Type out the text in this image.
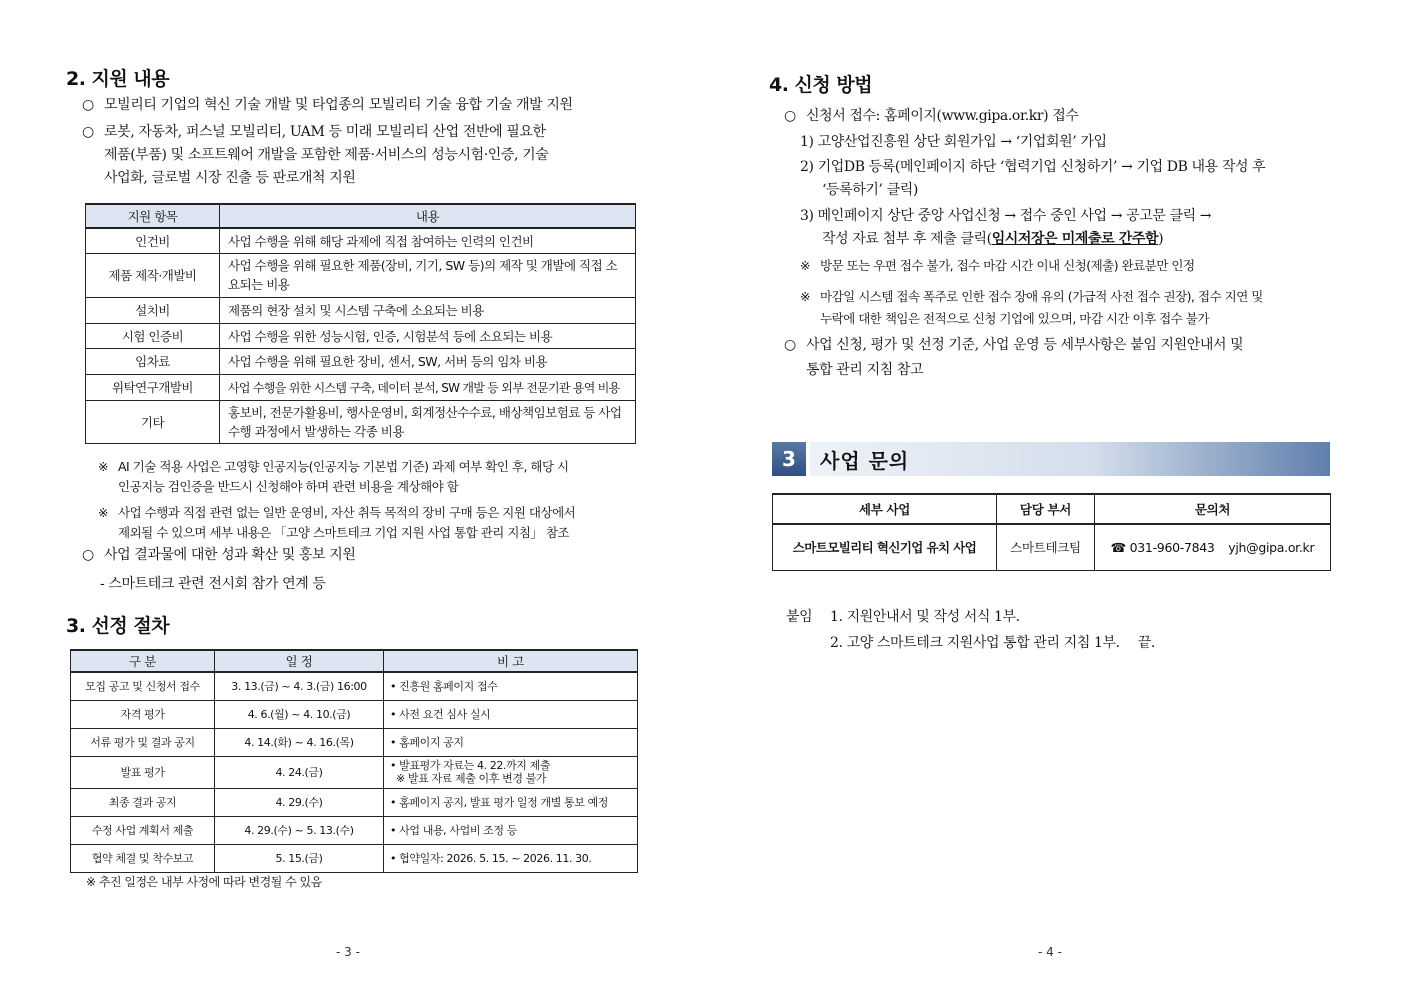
2. 지원 내용
○ 모빌리티 기업의 혁신 기술 개발 및 타업종의 모빌리티 기술 융합 기술 개발 지원
○ 로봇, 자동차, 퍼스널 모빌리티, UAM 등 미래 모빌리티 산업 전반에 필요한
제품(부품) 및 소프트웨어 개발을 포함한 제품·서비스의 성능시험·인증, 기술
사업화, 글로벌 시장 진출 등 판로개척 지원
지원 항목	내용
인건비	사업 수행을 위해 해당 과제에 직접 참여하는 인력의 인건비
제품 제작·개발비	사업 수행을 위해 필요한 제품(장비, 기기, SW 등)의 제작 및 개발에 직접 소요되는 비용
설치비	제품의 현장 설치 및 시스템 구축에 소요되는 비용
시험 인증비	사업 수행을 위한 성능시험, 인증, 시험분석 등에 소요되는 비용
임차료	사업 수행을 위해 필요한 장비, 센서, SW, 서버 등의 임차 비용
위탁연구개발비	사업 수행을 위한 시스템 구축, 데이터 분석, SW 개발 등 외부 전문기관 용역 비용
기타	홍보비, 전문가활용비, 행사운영비, 회계정산수수료, 배상책임보험료 등 사업 수행 과정에서 발생하는 각종 비용
※ AI 기술 적용 사업은 고영향 인공지능(인공지능 기본법 기준) 과제 여부 확인 후, 해당 시
인공지능 검인증을 반드시 신청해야 하며 관련 비용을 계상해야 함
※ 사업 수행과 직접 관련 없는 일반 운영비, 자산 취득 목적의 장비 구매 등은 지원 대상에서
제외될 수 있으며 세부 내용은 「고양 스마트테크 기업 지원 사업 통합 관리 지침」 참조
○ 사업 결과물에 대한 성과 확산 및 홍보 지원
- 스마트테크 관련 전시회 참가 연계 등
3. 선정 절차
구 분	일 정	비 고
모집 공고 및 신청서 접수	3. 13.(금) ~ 4. 3.(금) 16:00	• 진흥원 홈페이지 접수
자격 평가	4. 6.(월) ~ 4. 10.(금)	• 사전 요건 심사 실시
서류 평가 및 결과 공지	4. 14.(화) ~ 4. 16.(목)	• 홈페이지 공지
발표 평가	4. 24.(금)	• 발표평가 자료는 4. 22.까지 제출
※ 발표 자료 제출 이후 변경 불가

최종 결과 공지	4. 29.(수)	• 홈페이지 공지, 발표 평가 일정 개별 통보 예정
수정 사업 계획서 제출	4. 29.(수) ~ 5. 13.(수)	• 사업 내용, 사업비 조정 등
협약 체결 및 착수보고	5. 15.(금)	• 협약일자: 2026. 5. 15. ~ 2026. 11. 30.
※ 추진 일정은 내부 사정에 따라 변경될 수 있음
- 3 -
4. 신청 방법
○ 신청서 접수: 홈페이지(www.gipa.or.kr) 접수
1) 고양산업진흥원 상단 회원가입 → ‘기업회원’ 가입
2) 기업DB 등록(메인페이지 하단 ‘협력기업 신청하기’ → 기업 DB 내용 작성 후
‘등록하기’ 클릭)
3) 메인페이지 상단 중앙 사업신청 → 접수 중인 사업 → 공고문 클릭 →
작성 자료 첨부 후 제출 클릭(임시저장은 미제출로 간주함)
※ 방문 또는 우편 접수 불가, 접수 마감 시간 이내 신청(제출) 완료분만 인정
※ 마감일 시스템 접속 폭주로 인한 접수 장애 유의 (가급적 사전 접수 권장), 접수 지연 및
누락에 대한 책임은 전적으로 신청 기업에 있으며, 마감 시간 이후 접수 불가
○ 사업 신청, 평가 및 선정 기준, 사업 운영 등 세부사항은 붙임 지원안내서 및
통합 관리 지침 참고
3	사업 문의
세부 사업	담당 부서	문의처
스마트모빌리티 혁신기업 유치 사업	스마트테크팀	☎ 031-960-7843 yjh@gipa.or.kr
붙임 1. 지원안내서 및 작성 서식 1부.
2. 고양 스마트테크 지원사업 통합 관리 지침 1부. 끝.
- 4 -
